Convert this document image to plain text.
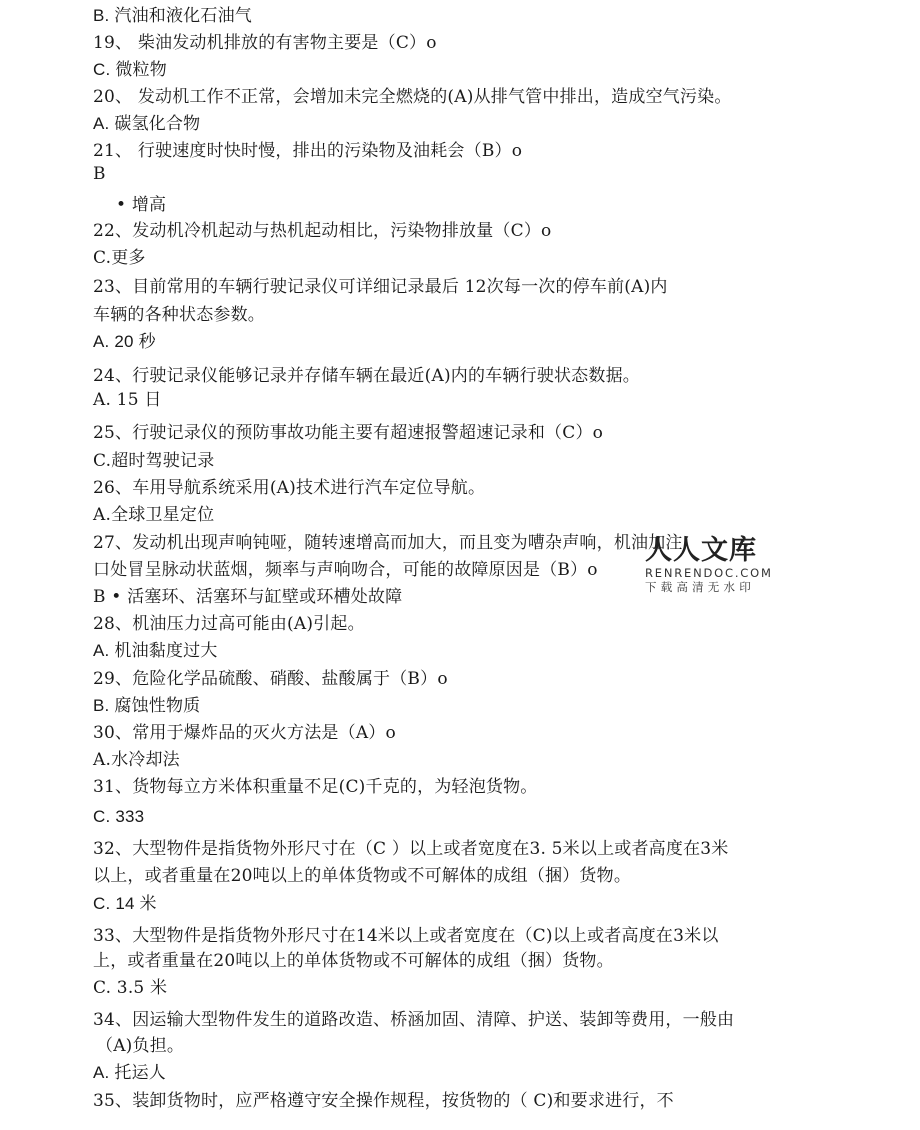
B. 汽油和液化石油气
19、 柴油发动机排放的有害物主要是（C）o
C. 微粒物
20、 发动机工作不正常，会增加未完全燃烧的(A)从排气管中排出，造成空气污染。
A. 碳氢化合物
21、 行驶速度时快时慢，排出的污染物及油耗会（B）o
B
• 增高
22、发动机冷机起动与热机起动相比，污染物排放量（C）o
C.更多
23、目前常用的车辆行驶记录仪可详细记录最后 12次每一次的停车前(A)内
车辆的各种状态参数。
A. 20 秒
24、行驶记录仪能够记录并存储车辆在最近(A)内的车辆行驶状态数据。
A. 15 日
25、行驶记录仪的预防事故功能主要有超速报警超速记录和（C）o
C.超时驾驶记录
26、车用导航系统采用(A)技术进行汽车定位导航。
A.全球卫星定位
27、发动机出现声响钝哑，随转速增高而加大，而且变为嘈杂声响，机油加注
口处冒呈脉动状蓝烟，频率与声响吻合，可能的故障原因是（B）o
B • 活塞环、活塞环与缸壁或环槽处故障
28、机油压力过高可能由(A)引起。
A. 机油黏度过大
29、危险化学品硫酸、硝酸、盐酸属于（B）o
B. 腐蚀性物质
30、常用于爆炸品的灭火方法是（A）o
A.水冷却法
31、货物每立方米体积重量不足(C)千克的，为轻泡货物。
C. 333
32、大型物件是指货物外形尺寸在（C ）以上或者宽度在3. 5米以上或者高度在3米
以上，或者重量在20吨以上的单体货物或不可解体的成组（捆）货物。
C. 14 米
33、大型物件是指货物外形尺寸在14米以上或者宽度在（C)以上或者高度在3米以
上，或者重量在20吨以上的单体货物或不可解体的成组（捆）货物。
C. 3.5 米
34、因运输大型物件发生的道路改造、桥涵加固、清障、护送、装卸等费用，一般由
（A)负担。
A. 托运人
35、装卸货物时，应严格遵守安全操作规程，按货物的（ C)和要求进行，不
人人文库
RENRENDOC.COM
下载高清无水印
